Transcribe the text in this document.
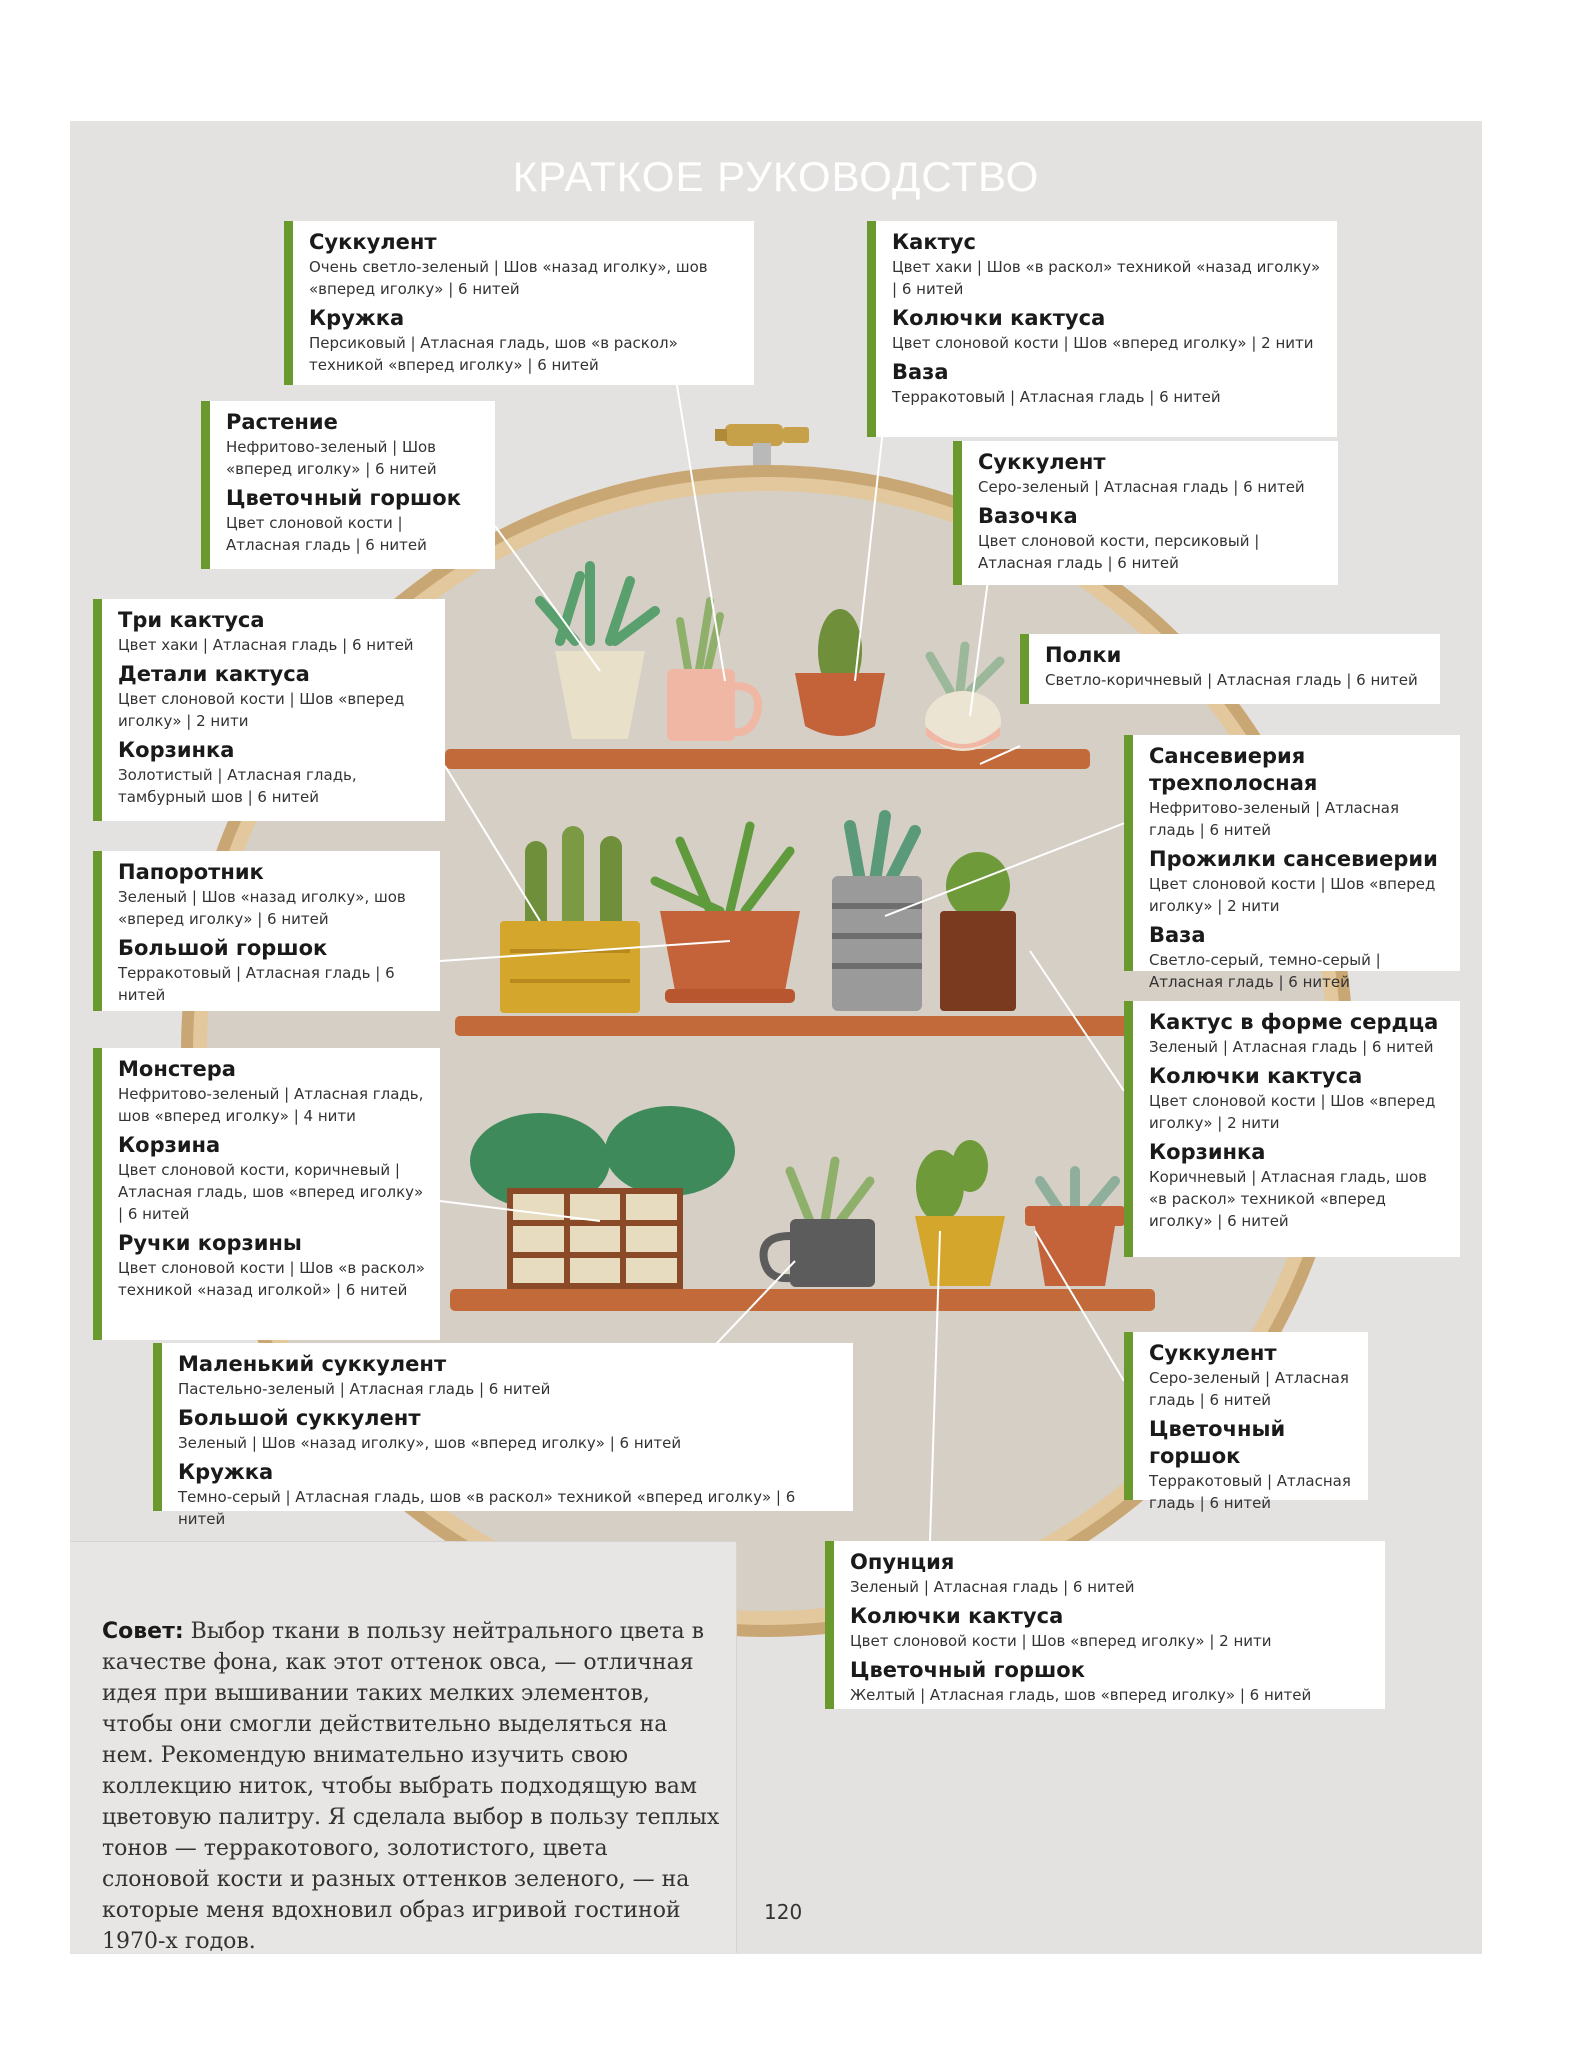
КРАТКОЕ РУКОВОДСТВО
Суккулент
Очень светло-зеленый | Шов «назад иголку», шов «вперед иголку» | 6 нитей
Кружка
Персиковый | Атласная гладь, шов «в раскол» техникой «вперед иголку» | 6 нитей
Кактус
Цвет хаки | Шов «в раскол» техникой «назад иголку» | 6 нитей
Колючки кактуса
Цвет слоновой кости | Шов «вперед иголку» | 2 нити
Ваза
Терракотовый | Атласная гладь | 6 нитей
Растение
Нефритово-зеленый | Шов «вперед иголку» | 6 нитей
Цветочный горшок
Цвет слоновой кости | Атласная гладь | 6 нитей
Суккулент
Серо-зеленый | Атласная гладь | 6 нитей
Вазочка
Цвет слоновой кости, персиковый | Атласная гладь | 6 нитей
Три кактуса
Цвет хаки | Атласная гладь | 6 нитей
Детали кактуса
Цвет слоновой кости | Шов «вперед иголку» | 2 нити
Корзинка
Золотистый | Атласная гладь, тамбурный шов | 6 нитей
Полки
Светло-коричневый | Атласная гладь | 6 нитей
Сансевиерия трехполосная
Нефритово-зеленый | Атласная гладь | 6 нитей
Прожилки сансевиерии
Цвет слоновой кости | Шов «вперед иголку» | 2 нити
Ваза
Светло-серый, темно-серый | Атласная гладь | 6 нитей
Папоротник
Зеленый | Шов «назад иголку», шов «вперед иголку» | 6 нитей
Большой горшок
Терракотовый | Атласная гладь | 6 нитей
Кактус в форме сердца
Зеленый | Атласная гладь | 6 нитей
Колючки кактуса
Цвет слоновой кости | Шов «вперед иголку» | 2 нити
Корзинка
Коричневый | Атласная гладь, шов «в раскол» техникой «вперед иголку» | 6 нитей
Монстера
Нефритово-зеленый | Атласная гладь, шов «вперед иголку» | 4 нити
Корзина
Цвет слоновой кости, коричневый | Атласная гладь, шов «вперед иголку» | 6 нитей
Ручки корзины
Цвет слоновой кости | Шов «в раскол» техникой «назад иголкой» | 6 нитей
Маленький суккулент
Пастельно-зеленый | Атласная гладь | 6 нитей
Большой суккулент
Зеленый | Шов «назад иголку», шов «вперед иголку» | 6 нитей
Кружка
Темно-серый | Атласная гладь, шов «в раскол» техникой «вперед иголку» | 6 нитей
Суккулент
Серо-зеленый | Атласная гладь | 6 нитей
Цветочный горшок
Терракотовый | Атласная гладь | 6 нитей
Опунция
Зеленый | Атласная гладь | 6 нитей
Колючки кактуса
Цвет слоновой кости | Шов «вперед иголку» | 2 нити
Цветочный горшок
Желтый | Атласная гладь, шов «вперед иголку» | 6 нитей
Совет: Выбор ткани в пользу нейтрального цвета в качестве фона, как этот оттенок овса, — отличная идея при вышивании таких мелких элементов, чтобы они смогли действительно выделяться на нем. Рекомендую внимательно изучить свою коллекцию ниток, чтобы выбрать подходящую вам цветовую палитру. Я сделала выбор в пользу теплых тонов — терракотового, золотистого, цвета слоновой кости и разных оттенков зеленого, — на которые меня вдохновил образ игривой гостиной 1970-х годов.
120
